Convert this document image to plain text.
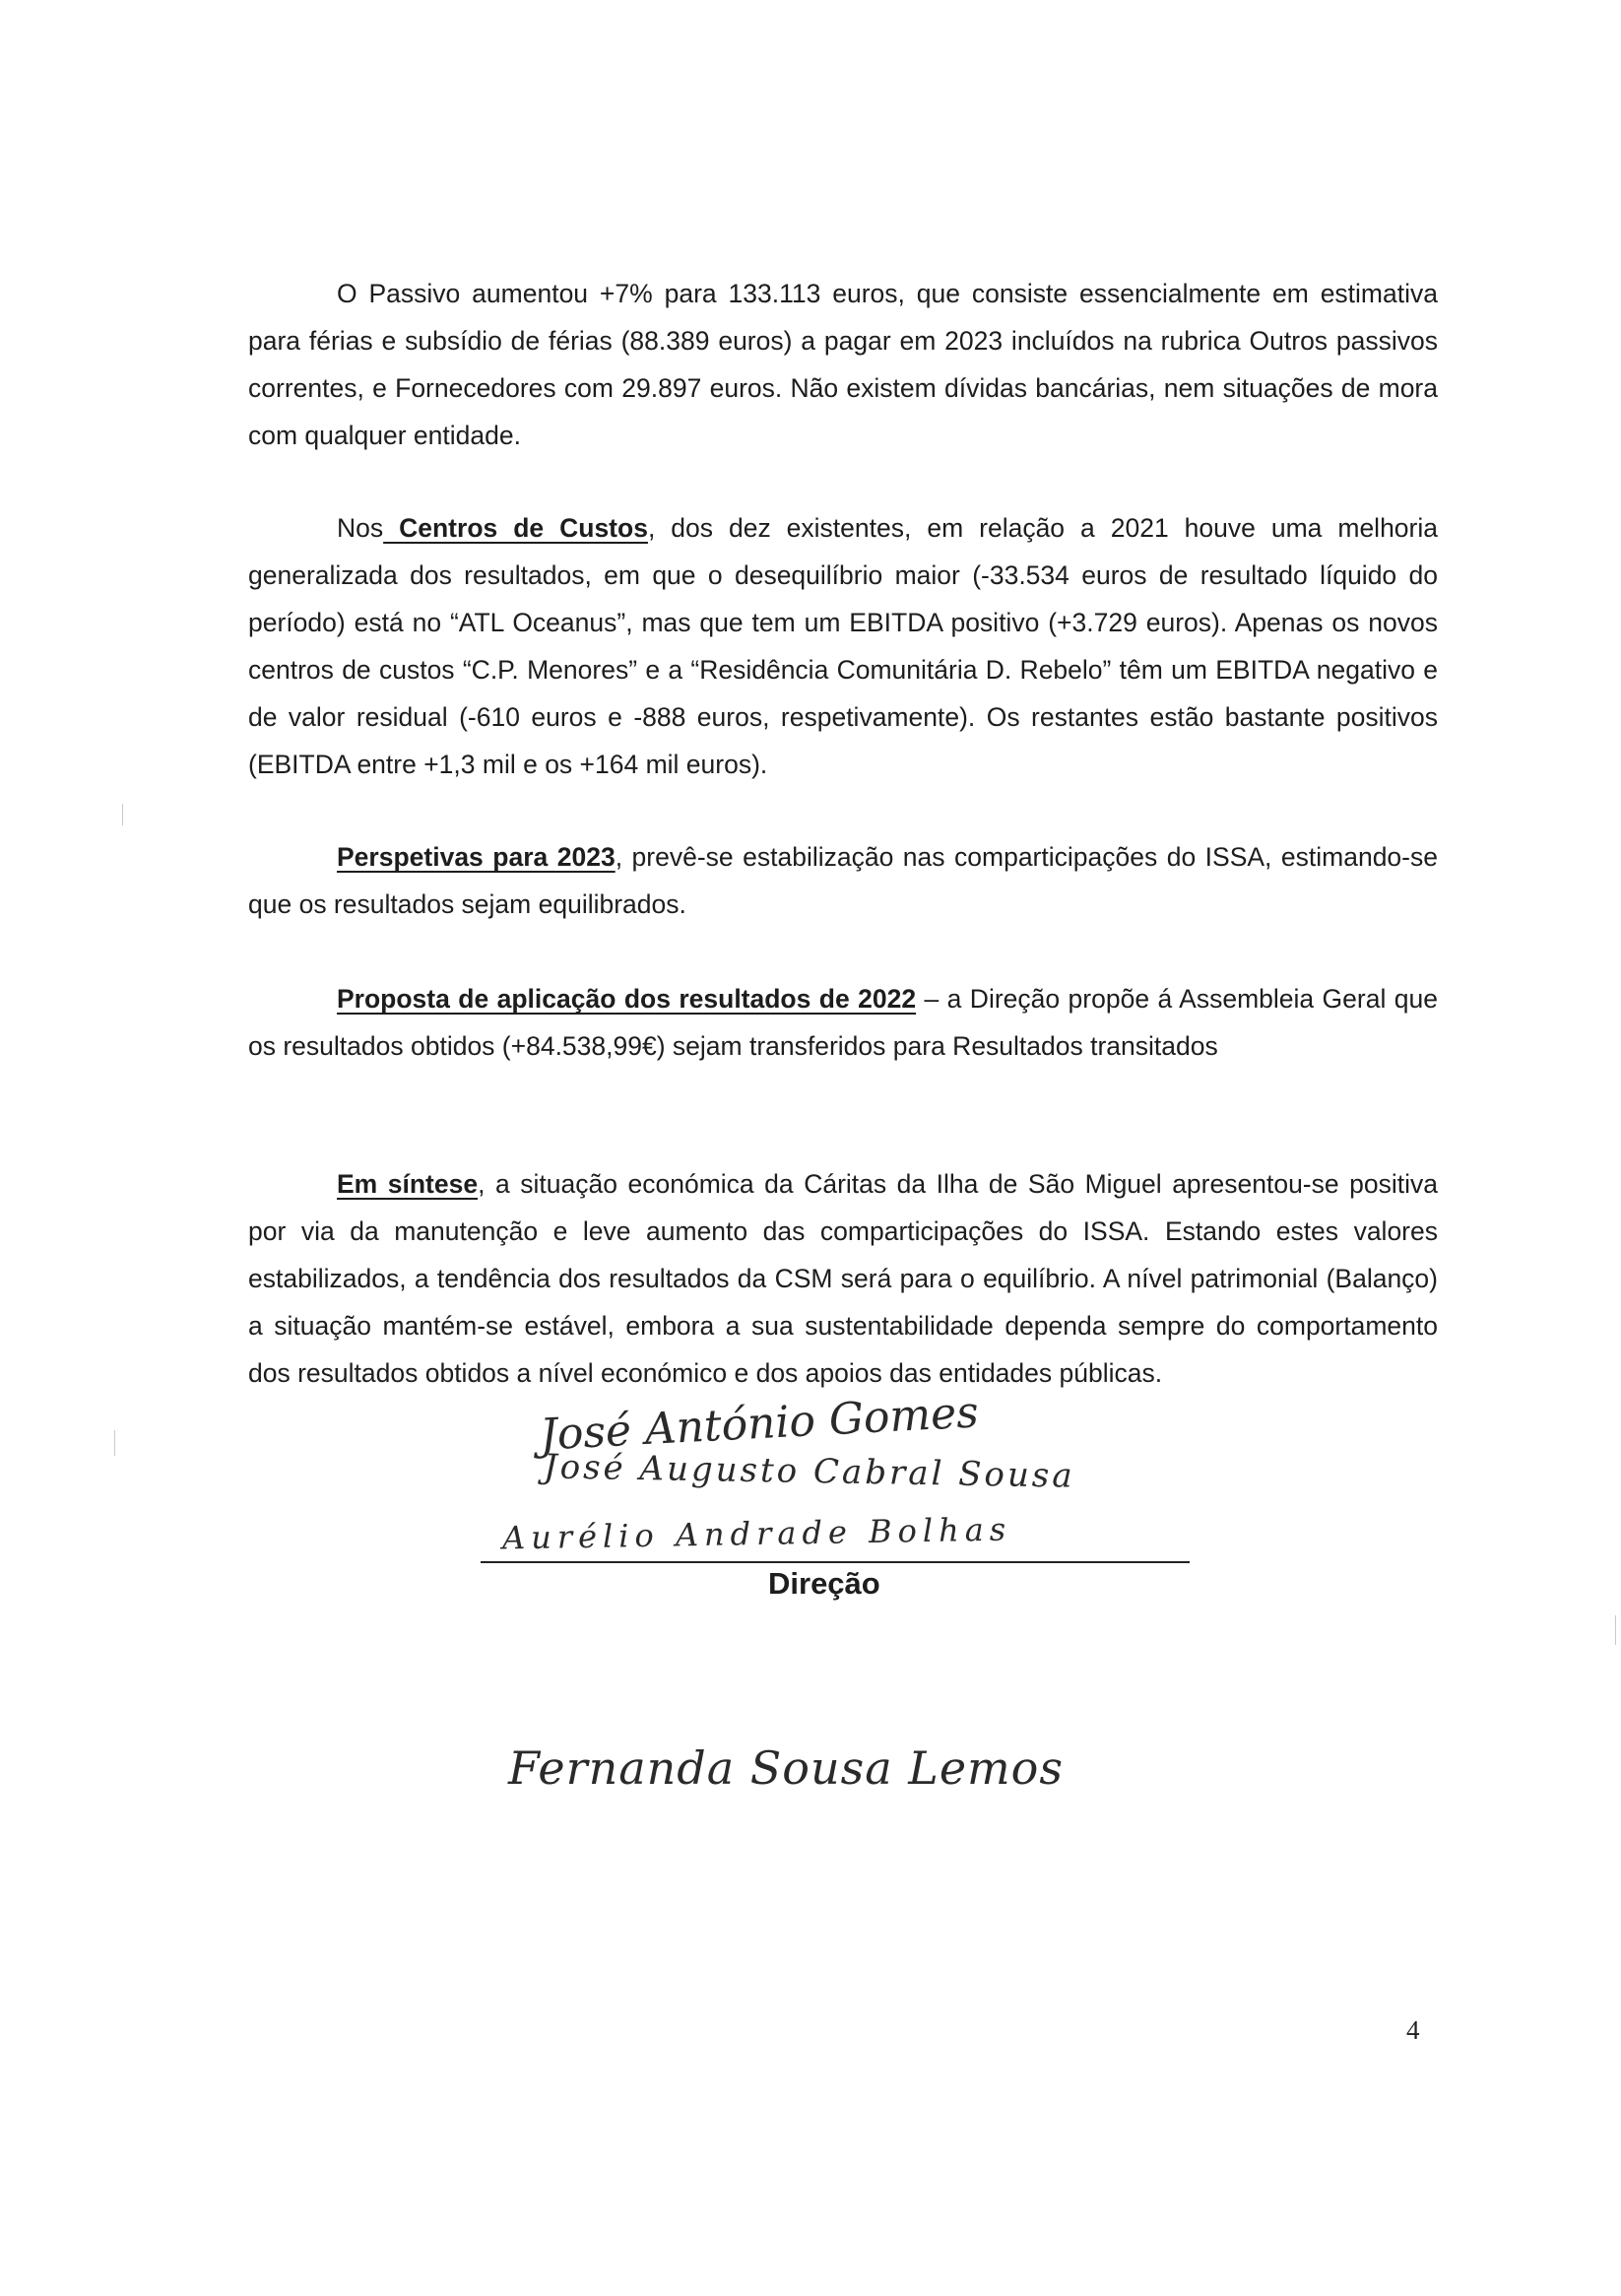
O Passivo aumentou +7% para 133.113 euros, que consiste essencialmente em estimativa para férias e subsídio de férias (88.389 euros) a pagar em 2023 incluídos na rubrica Outros passivos correntes, e Fornecedores com 29.897 euros. Não existem dívidas bancárias, nem situações de mora com qualquer entidade.

Nos Centros de Custos, dos dez existentes, em relação a 2021 houve uma melhoria generalizada dos resultados, em que o desequilíbrio maior (-33.534 euros de resultado líquido do período) está no “ATL Oceanus”, mas que tem um EBITDA positivo (+3.729 euros). Apenas os novos centros de custos “C.P. Menores” e a “Residência Comunitária D. Rebelo” têm um EBITDA negativo e de valor residual (-610 euros e -888 euros, respetivamente). Os restantes estão bastante positivos (EBITDA entre +1,3 mil e os +164 mil euros).

Perspetivas para 2023, prevê-se estabilização nas comparticipações do ISSA, estimando-se que os resultados sejam equilibrados.

Proposta de aplicação dos resultados de 2022 – a Direção propõe á Assembleia Geral que os resultados obtidos (+84.538,99€) sejam transferidos para Resultados transitados

Em síntese, a situação económica da Cáritas da Ilha de São Miguel apresentou-se positiva por via da manutenção e leve aumento das comparticipações do ISSA. Estando estes valores estabilizados, a tendência dos resultados da CSM será para o equilíbrio. A nível patrimonial (Balanço) a situação mantém-se estável, embora a sua sustentabilidade dependa sempre do comportamento dos resultados obtidos a nível económico e dos apoios das entidades públicas.

José António Gomes
José Augusto Cabral Sousa
Aurélio Andrade Bolhas
Direção
Fernanda Sousa Lemos
4
